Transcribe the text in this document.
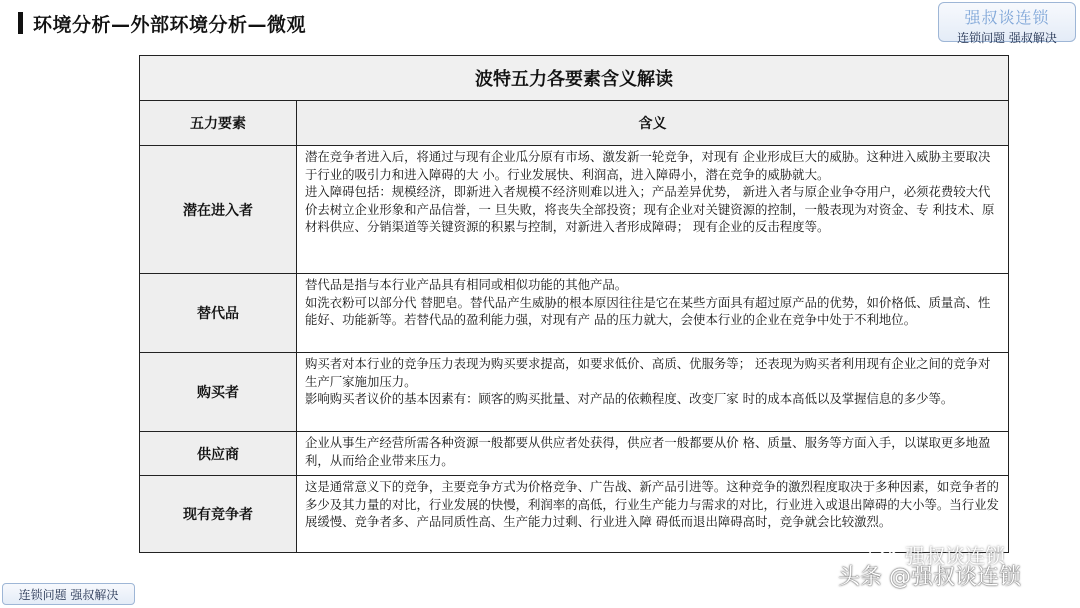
环境分析—外部环境分析—微观	强叔谈连锁
连锁问题 强叔解决
波特五力各要素含义解读	
五力要素	含义
潜在进入者	潜在竞争者进入后，将通过与现有企业瓜分原有市场、激发新一轮竞争，对现有 企业形成巨大的威胁。这种进入威胁主要取决于行业的吸引力和进入障碍的大 小。行业发展快、利润高，进入障碍小，潜在竞争的威胁就大。

进入障碍包括：规模经济，即新进入者规模不经济则难以进入；产品差异优势， 新进入者与原企业争夺用户，必须花费较大代价去树立企业形象和产品信誉，一 旦失败，将丧失全部投资；现有企业对关键资源的控制，一般表现为对资金、专 利技术、原材料供应、分销渠道等关键资源的积累与控制，对新进入者形成障碍； 现有企业的反击程度等。

替代品	替代品是指与本行业产品具有相同或相似功能的其他产品。

如洗衣粉可以部分代 替肥皂。替代品产生威胁的根本原因往往是它在某些方面具有超过原产品的优势，如价格低、质量高、性能好、功能新等。若替代品的盈利能力强，对现有产 品的压力就大，会使本行业的企业在竞争中处于不利地位。

购买者	购买者对本行业的竞争压力表现为购买要求提高，如要求低价、高质、优服务等； 还表现为购买者利用现有企业之间的竞争对生产厂家施加压力。

影响购买者议价的基本因素有：顾客的购买批量、对产品的依赖程度、改变厂家 时的成本高低以及掌握信息的多少等。

供应商	企业从事生产经营所需各种资源一般都要从供应者处获得，供应者一般都要从价 格、质量、服务等方面入手，以谋取更多地盈利，从而给企业带来压力。

现有竞争者	这是通常意义下的竞争，主要竞争方式为价格竞争、广告战、新产品引进等。这种竞争的激烈程度取决于多种因素，如竞争者的多少及其力量的对比，行业发展的快慢，利润率的高低，行业生产能力与需求的对比，行业进入或退出障碍的大小等。当行业发展缓慢、竞争者多、产品同质性高、生产能力过剩、行业进入障 碍低而退出障碍高时，竞争就会比较激烈。

连锁问题 强叔解决
强叔谈连锁
头条 @强叔谈连锁
